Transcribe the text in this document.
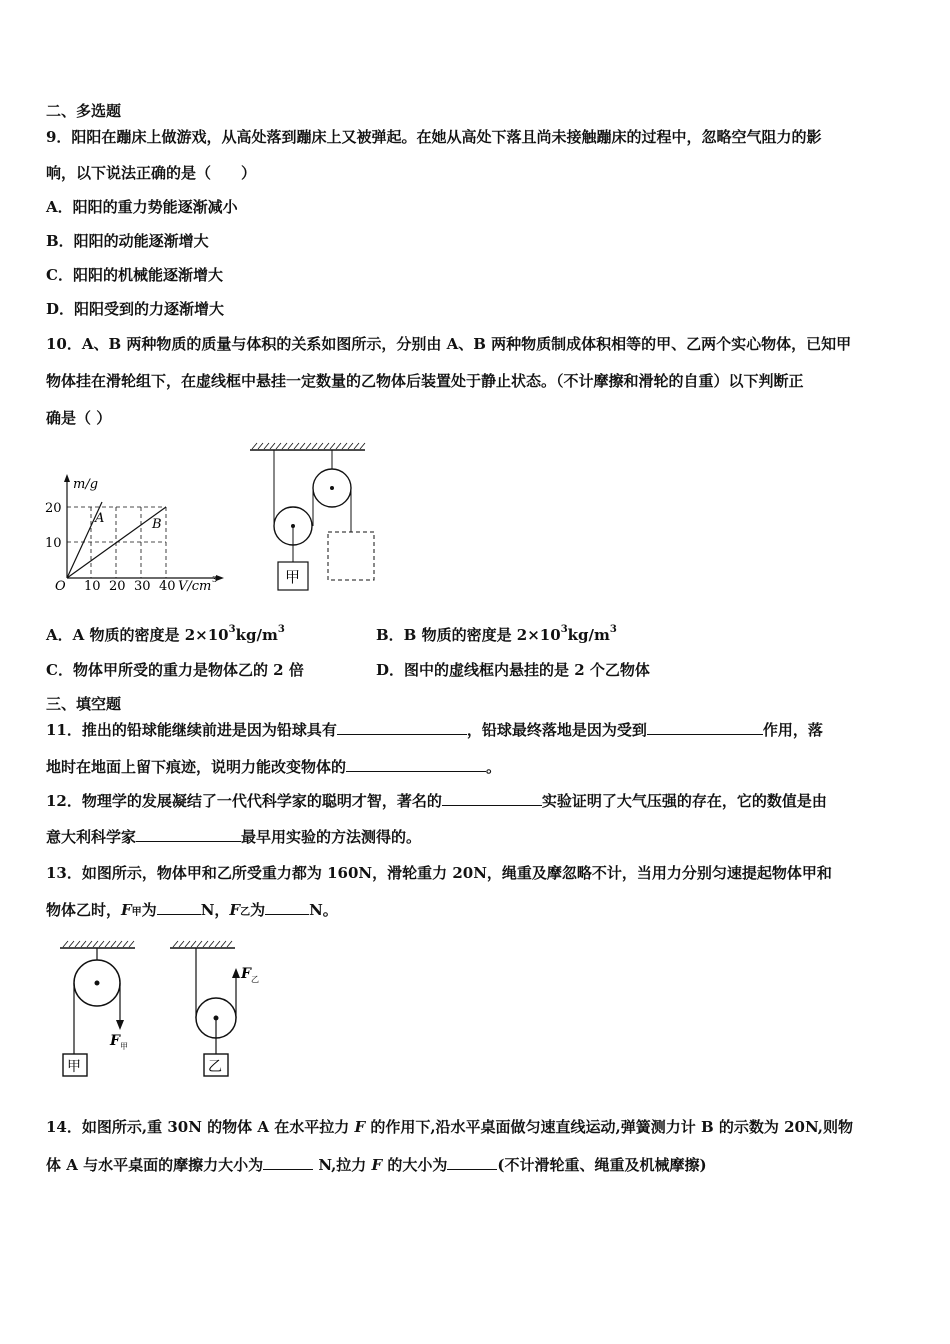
二、多选题
9．阳阳在蹦床上做游戏，从高处落到蹦床上又被弹起。在她从高处下落且尚未接触蹦床的过程中，忽略空气阻力的影
响，以下说法正确的是（　　）
A．阳阳的重力势能逐渐减小
B．阳阳的动能逐渐增大
C．阳阳的机械能逐渐增大
D．阳阳受到的力逐渐增大
10．A、B 两种物质的质量与体积的关系如图所示，分别由 A、B 两种物质制成体积相等的甲、乙两个实心物体，已知甲
物体挂在滑轮组下，在虚线框中悬挂一定数量的乙物体后装置处于静止状态。（不计摩擦和滑轮的自重）以下判断正
确是（ ）
m/g
20
10
O 10 20 30 40 V/cm 3
A	B
甲
A．A 物质的密度是 $2\times 10^3kg/m^3$	B．B 物质的密度是 $2\times 10^3kg/m^3$
C．物体甲所受的重力是物体乙的 2 倍	D．图中的虚线框内悬挂的是 2 个乙物体
三、填空题
11．推出的铅球能继续前进是因为铅球具有	，铅球最终落地是因为受到	作用，落
地时在地面上留下痕迹，说明力能改变物体的	。
12．物理学的发展凝结了一代代科学家的聪明才智，著名的	实验证明了大气压强的存在，它的数值是由
意大利科学家	最早用实验的方法测得的。
13．如图所示，物体甲和乙所受重力都为 160N，滑轮重力 20N，绳重及摩忽略不计，当用力分别匀速提起物体甲和
物体乙时，F甲为	N，F乙为	N。
F 甲
甲
F 乙
乙
14．如图所示,重 30N 的物体 A 在水平拉力 F 的作用下,沿水平桌面做匀速直线运动,弹簧测力计 B 的示数为 20N,则物
体 A 与水平桌面的摩擦力大小为	N,拉力 F 的大小为	(不计滑轮重、绳重及机械摩擦)
